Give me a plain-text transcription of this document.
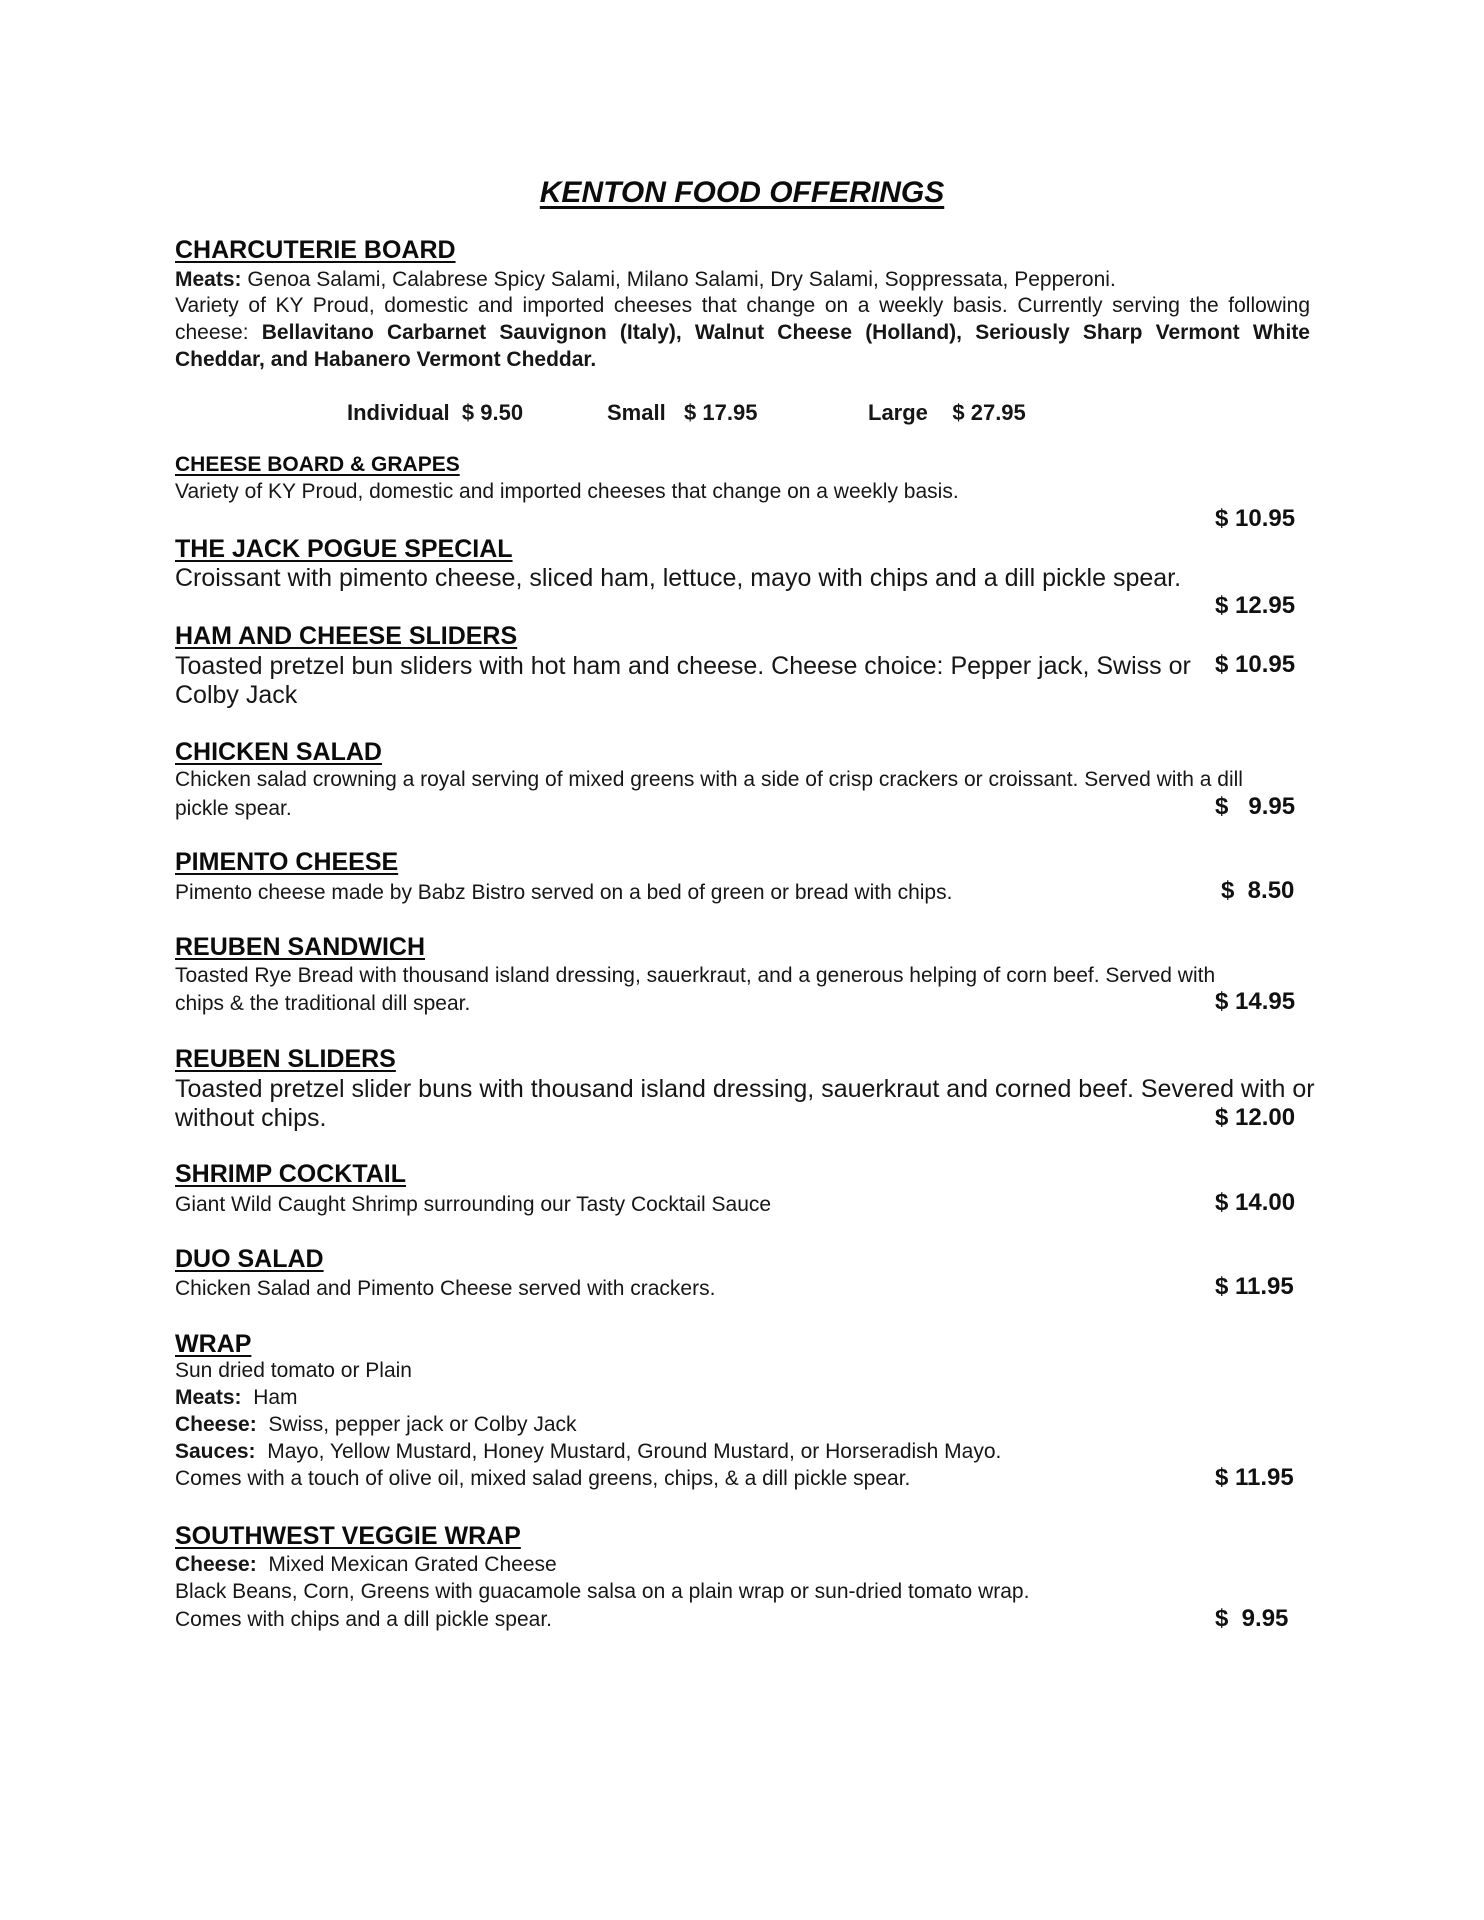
KENTON FOOD OFFERINGS
CHARCUTERIE BOARD
Meats: Genoa Salami, Calabrese Spicy Salami, Milano Salami, Dry Salami, Soppressata, Pepperoni.
Variety of KY Proud, domestic and imported cheeses that change on a weekly basis. Currently serving the following cheese: Bellavitano Carbarnet Sauvignon (Italy), Walnut Cheese (Holland), Seriously Sharp Vermont White Cheddar, and Habanero Vermont Cheddar.
Individual $ 9.50	Small $ 17.95	Large $ 27.95
CHEESE BOARD & GRAPES
Variety of KY Proud, domestic and imported cheeses that change on a weekly basis.
$ 10.95
THE JACK POGUE SPECIAL
Croissant with pimento cheese, sliced ham, lettuce, mayo with chips and a dill pickle spear.
$ 12.95
HAM AND CHEESE SLIDERS
Toasted pretzel bun sliders with hot ham and cheese. Cheese choice: Pepper jack, Swiss or
Colby Jack
$ 10.95
CHICKEN SALAD
Chicken salad crowning a royal serving of mixed greens with a side of crisp crackers or croissant. Served with a dill
pickle spear.	$   9.95
PIMENTO CHEESE
Pimento cheese made by Babz Bistro served on a bed of green or bread with chips.	$  8.50
REUBEN SANDWICH
Toasted Rye Bread with thousand island dressing, sauerkraut, and a generous helping of corn beef. Served with
chips & the traditional dill spear.	$ 14.95
REUBEN SLIDERS
Toasted pretzel slider buns with thousand island dressing, sauerkraut and corned beef. Severed with or
without chips.	$ 12.00
SHRIMP COCKTAIL
Giant Wild Caught Shrimp surrounding our Tasty Cocktail Sauce	$ 14.00
DUO SALAD
Chicken Salad and Pimento Cheese served with crackers.	$ 11.95
WRAP
Sun dried tomato or Plain
Meats: Ham
Cheese: Swiss, pepper jack or Colby Jack
Sauces: Mayo, Yellow Mustard, Honey Mustard, Ground Mustard, or Horseradish Mayo.
Comes with a touch of olive oil, mixed salad greens, chips, & a dill pickle spear.	$ 11.95
SOUTHWEST VEGGIE WRAP
Cheese: Mixed Mexican Grated Cheese
Black Beans, Corn, Greens with guacamole salsa on a plain wrap or sun-dried tomato wrap.
Comes with chips and a dill pickle spear.	$  9.95
